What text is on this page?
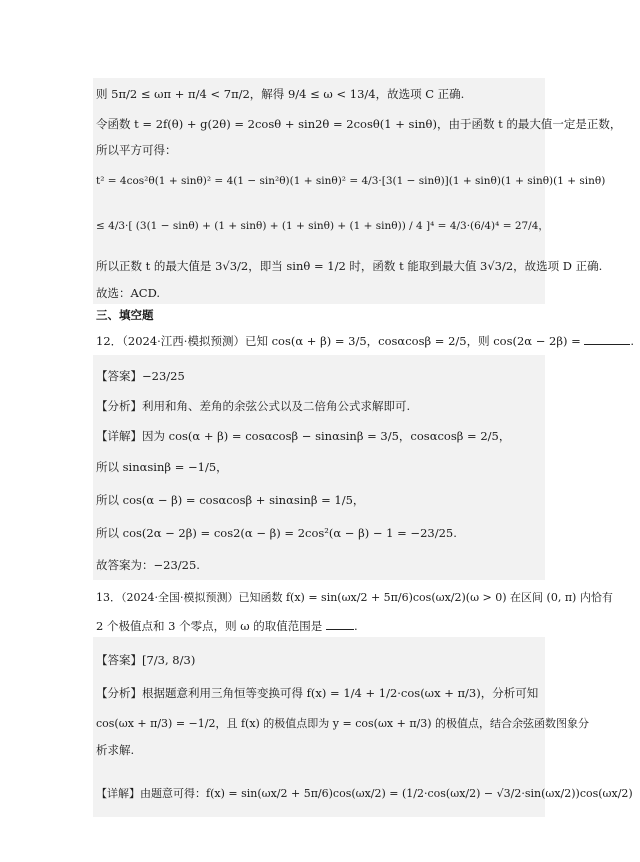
则 5π/2 ≤ ωπ + π/4 < 7π/2，解得 9/4 ≤ ω < 13/4，故选项 C 正确.
令函数 t = 2f(θ) + g(2θ) = 2cosθ + sin2θ = 2cosθ(1 + sinθ)，由于函数 t 的最大值一定是正数，
所以平方可得：
t² = 4cos²θ(1 + sinθ)² = 4(1 − sin²θ)(1 + sinθ)² = 4/3·[3(1 − sinθ)](1 + sinθ)(1 + sinθ)(1 + sinθ)
≤ 4/3·[ (3(1 − sinθ) + (1 + sinθ) + (1 + sinθ) + (1 + sinθ)) / 4 ]⁴ = 4/3·(6/4)⁴ = 27/4，
所以正数 t 的最大值是 3√3/2，即当 sinθ = 1/2 时，函数 t 能取到最大值 3√3/2，故选项 D 正确.
故选：ACD.
三、填空题
12．（2024·江西·模拟预测）已知 cos(α + β) = 3/5，cosαcosβ = 2/5，则 cos(2α − 2β) =	.
【答案】−23/25
【分析】利用和角、差角的余弦公式以及二倍角公式求解即可.
【详解】因为 cos(α + β) = cosαcosβ − sinαsinβ = 3/5，cosαcosβ = 2/5，
所以 sinαsinβ = −1/5，
所以 cos(α − β) = cosαcosβ + sinαsinβ = 1/5，
所以 cos(2α − 2β) = cos2(α − β) = 2cos²(α − β) − 1 = −23/25.
故答案为：−23/25.
13．（2024·全国·模拟预测）已知函数 f(x) = sin(ωx/2 + 5π/6)cos(ωx/2)(ω > 0) 在区间 (0, π) 内恰有
2 个极值点和 3 个零点，则 ω 的取值范围是	.
【答案】[7/3, 8/3)
【分析】根据题意利用三角恒等变换可得 f(x) = 1/4 + 1/2·cos(ωx + π/3)，分析可知
cos(ωx + π/3) = −1/2，且 f(x) 的极值点即为 y = cos(ωx + π/3) 的极值点，结合余弦函数图象分
析求解.
【详解】由题意可得：f(x) = sin(ωx/2 + 5π/6)cos(ωx/2) = (1/2·cos(ωx/2) − √3/2·sin(ωx/2))cos(ωx/2)
